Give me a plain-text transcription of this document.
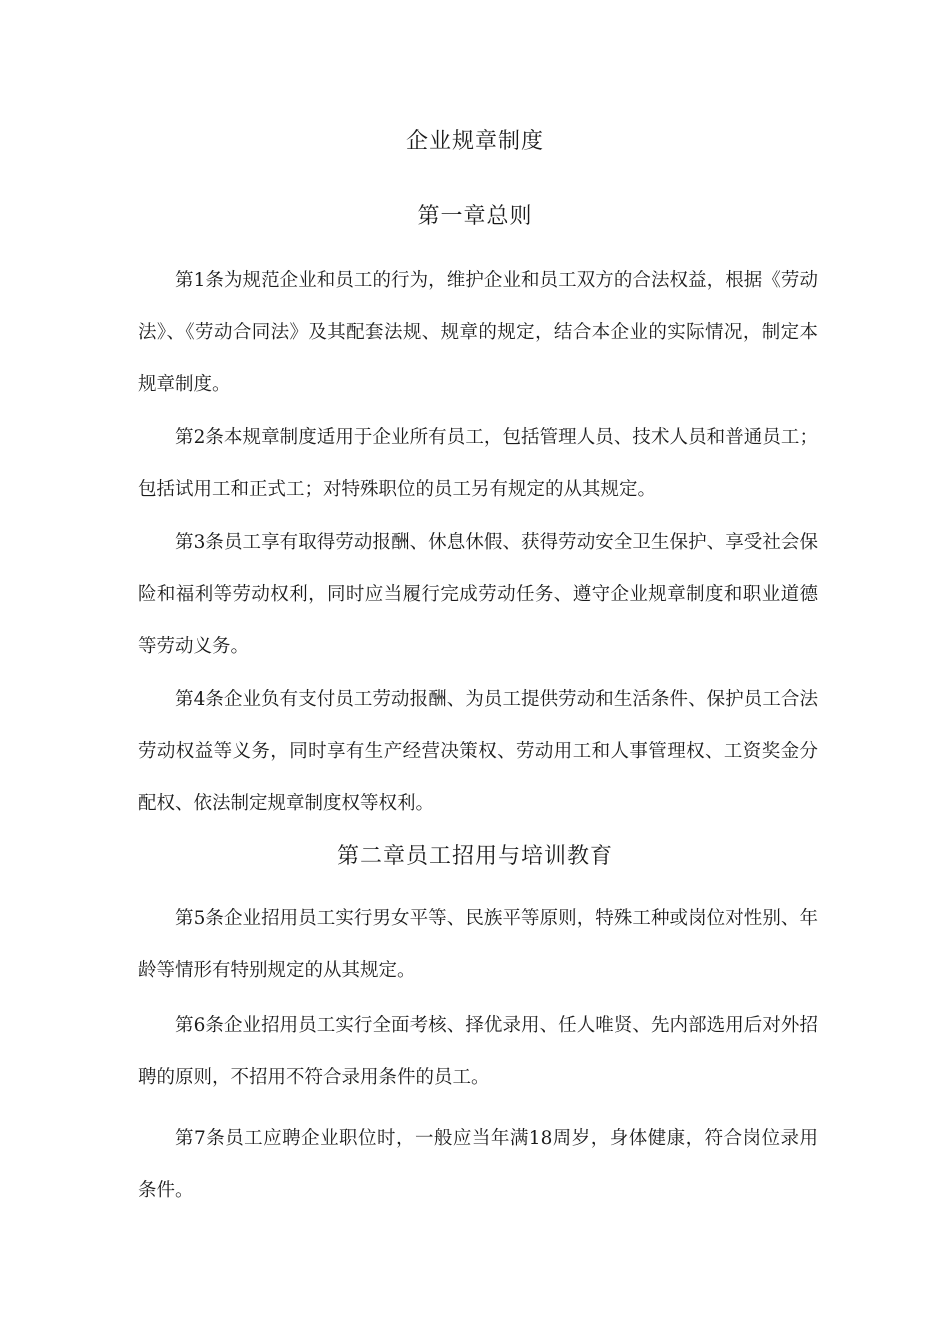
企业规章制度
第一章总则

第1条为规范企业和员工的行为，维护企业和员工双方的合法权益，根据《劳动法》、《劳动合同法》及其配套法规、规章的规定，结合本企业的实际情况，制定本规章制度。

第2条本规章制度适用于企业所有员工，包括管理人员、技术人员和普通员工；包括试用工和正式工；对特殊职位的员工另有规定的从其规定。

第3条员工享有取得劳动报酬、休息休假、获得劳动安全卫生保护、享受社会保险和福利等劳动权利，同时应当履行完成劳动任务、遵守企业规章制度和职业道德等劳动义务。

第4条企业负有支付员工劳动报酬、为员工提供劳动和生活条件、保护员工合法劳动权益等义务，同时享有生产经营决策权、劳动用工和人事管理权、工资奖金分配权、依法制定规章制度权等权利。

第二章员工招用与培训教育

第5条企业招用员工实行男女平等、民族平等原则，特殊工种或岗位对性别、年龄等情形有特别规定的从其规定。

第6条企业招用员工实行全面考核、择优录用、任人唯贤、先内部选用后对外招聘的原则，不招用不符合录用条件的员工。

第7条员工应聘企业职位时，一般应当年满18周岁，身体健康，符合岗位录用条件。
